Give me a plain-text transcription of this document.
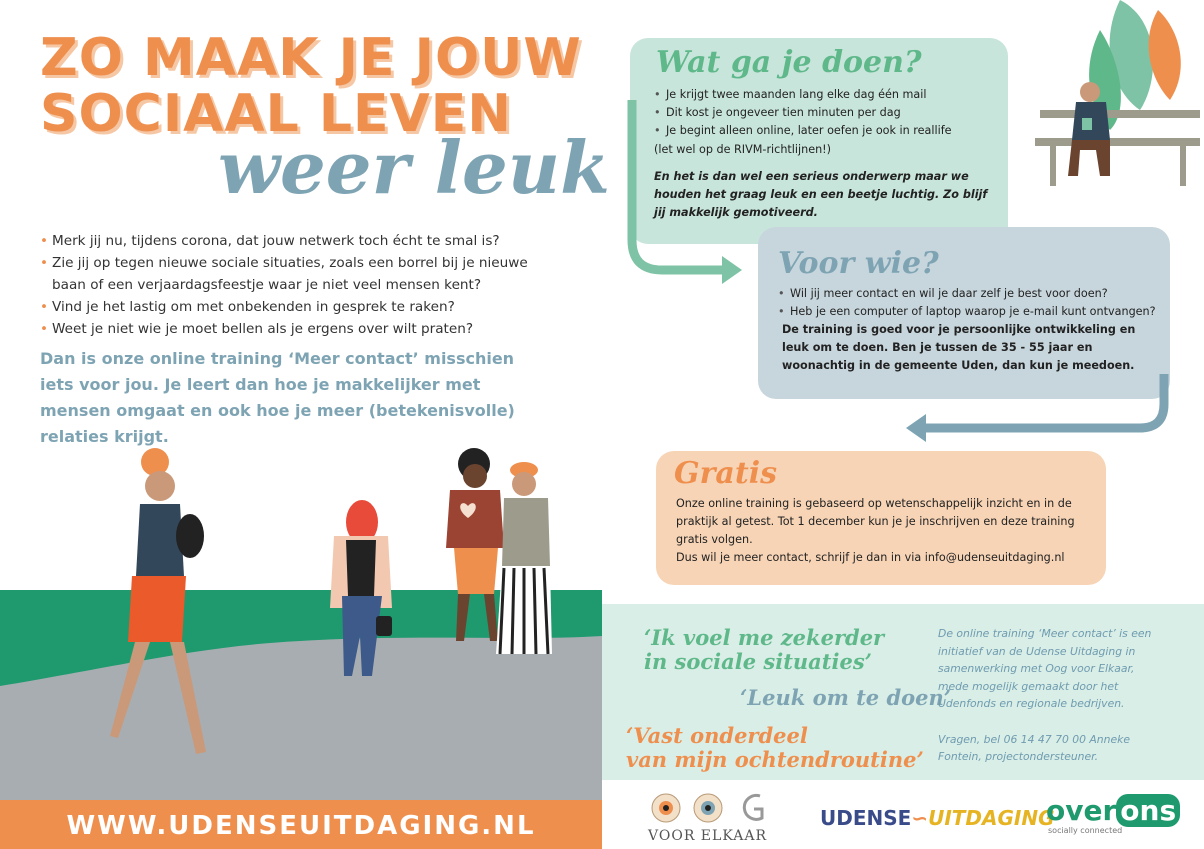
ZO MAAK JE JOUW
SOCIAAL LEVEN
weer leuk
• Merk jij nu, tijdens corona, dat jouw netwerk toch écht te smal is?
• Zie jij op tegen nieuwe sociale situaties, zoals een borrel bij je nieuwe
baan of een verjaardagsfeestje waar je niet veel mensen kent?
• Vind je het lastig om met onbekenden in gesprek te raken?
• Weet je niet wie je moet bellen als je ergens over wilt praten?
Dan is onze online training ‘Meer contact’ misschien iets voor jou. Je leert dan hoe je makkelijker met mensen omgaat en ook hoe je meer (betekenisvolle) relaties krijgt.
WWW.UDENSEUITDAGING.NL
Wat ga je doen?
• Je krijgt twee maanden lang elke dag één mail
• Dit kost je ongeveer tien minuten per dag
• Je begint alleen online, later oefen je ook in reallife
(let wel op de RIVM-richtlijnen!)
En het is dan wel een serieus onderwerp maar we houden het graag leuk en een beetje luchtig. Zo blijf jij makkelijk gemotiveerd.
Voor wie?
• Wil jij meer contact en wil je daar zelf je best voor doen?
• Heb je een computer of laptop waarop je e-mail kunt ontvangen?
De training is goed voor je persoonlijke ontwikkeling en leuk om te doen. Ben je tussen de 35 - 55 jaar en woonachtig in de gemeente Uden, dan kun je meedoen.
Gratis
Onze online training is gebaseerd op wetenschappelijk inzicht en in de praktijk al getest. Tot 1 december kun je je inschrijven en deze training gratis volgen.
Dus wil je meer contact, schrijf je dan in via info@udenseuitdaging.nl
‘Ik voel me zekerder
in sociale situaties’
‘Leuk om te doen’
‘Vast onderdeel
van mijn ochtendroutine’
De online training ‘Meer contact’ is een initiatief van de Udense Uitdaging in samenwerking met Oog voor Elkaar, mede mogelijk gemaakt door het Udenfonds en regionale bedrijven.
Vragen, bel 06 14 47 70 00 Anneke Fontein, projectondersteuner.
VOOR ELKAAR
UDENSE∽UITDAGING
over ons
socially connected
